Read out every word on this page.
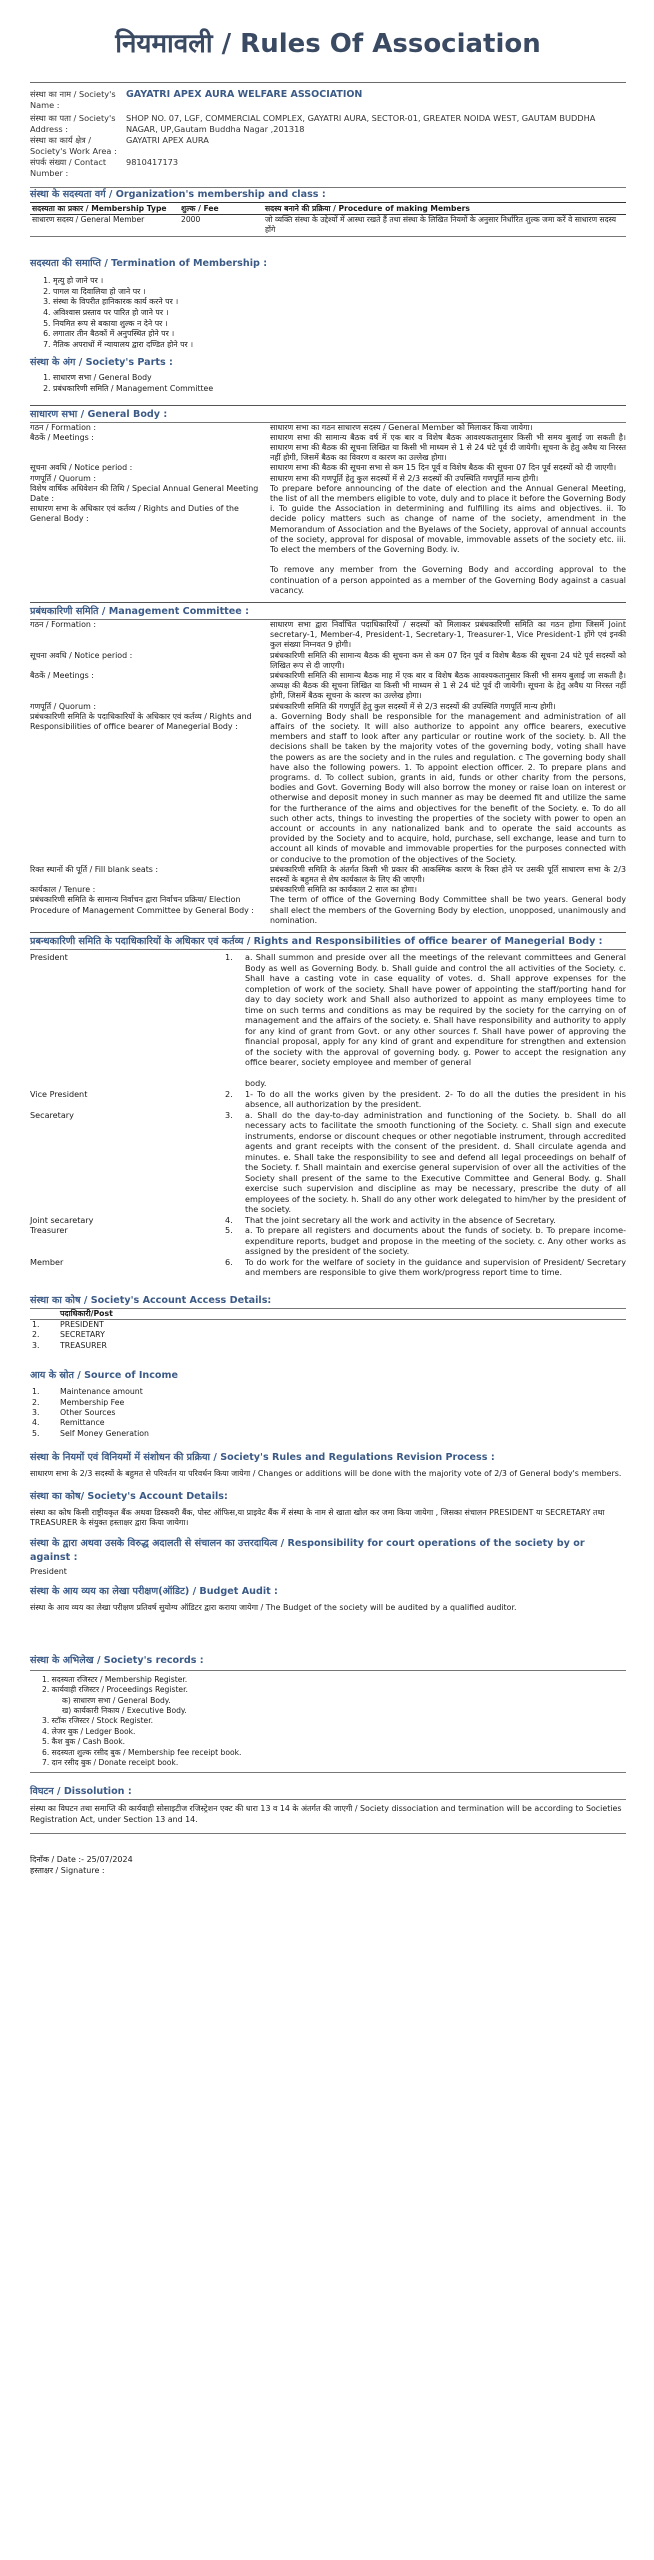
नियमावली / Rules Of Association
संस्था का नाम / Society's Name :
GAYATRI APEX AURA WELFARE ASSOCIATION
संस्था का पता / Society's Address :
SHOP NO. 07, LGF, COMMERCIAL COMPLEX, GAYATRI AURA, SECTOR-01, GREATER NOIDA WEST, GAUTAM BUDDHA NAGAR, UP,Gautam Buddha Nagar ,201318
संस्था का कार्य क्षेत्र / Society's Work Area :
GAYATRI APEX AURA
संपर्क संख्या / Contact Number :
9810417173
संस्था के सदस्यता वर्ग / Organization's membership and class :
सदस्यता का प्रकार / Membership Type	शुल्क / Fee	सदस्य बनाने की प्रक्रिया / Procedure of making Members
साधारण सदस्य / General Member	2000	जो व्यक्ति संस्था के उद्देश्यों में आस्था रखते हैं तथा संस्था के लिखित नियमों के अनुसार निर्धारित शुल्क जमा करें वे साधारण सदस्य होंगे
सदस्यता की समाप्ति / Termination of Membership :
1. मृत्यु हो जाने पर ।
2. पागल या दिवालिया हो जाने पर ।
3. संस्था के विपरीत हानिकारक कार्य करने पर ।
4. अविश्वास प्रस्ताव पर पारित हो जाने पर ।
5. नियमित रूप से बकाया शुल्क न देने पर ।
6. लगातार तीन बैठकों में अनुपस्थित होने पर ।
7. नैतिक अपराधों में न्यायालय द्वारा दण्डित होने पर ।
संस्था के अंग / Society's Parts :
1. साधारण सभा / General Body
2. प्रबंधकारिणी समिति / Management Committee
साधारण सभा / General Body :
गठन / Formation :	साधारण सभा का गठन साधारण सदस्य / General Member को मिलाकर किया जायेगा।
बैठकें / Meetings :	साधारण सभा की सामान्य बैठक वर्ष में एक बार व विशेष बैठक आवश्यकतानुसार किसी भी समय बुलाई जा सकती है। साधारण सभा की बैठक की सूचना लिखित या किसी भी माध्यम से 1 से 24 घंटे पूर्व दी जायेगी। सूचना के हेतु अवैध या निरस्त नहीं होगी, जिसमें बैठक का विवरण व कारण का उल्लेख होगा।
सूचना अवधि / Notice period :	साधारण सभा की बैठक की सूचना सभा से कम 15 दिन पूर्व व विशेष बैठक की सूचना 07 दिन पूर्व सदस्यों को दी जाएगी।
गणपूर्ति / Quorum :	साधारण सभा की गणपूर्ति हेतु कुल सदस्यों में से 2/3 सदस्यों की उपस्थिति गणपूर्ति मान्य होगी।
विशेष वार्षिक अधिवेशन की तिथि / Special Annual General Meeting Date :
To prepare before announcing of the date of election and the Annual General Meeting, the list of all the members eligible to vote, duly and to place it before the Governing Body
साधारण सभा के अधिकार एवं कर्तव्य / Rights and Duties of the General Body :
i. To guide the Association in determining and fulfilling its aims and objectives. ii. To decide policy matters such as change of name of the society, amendment in the Memorandum of Association and the Byelaws of the Society, approval of annual accounts of the society, approval for disposal of movable, immovable assets of the society etc. iii. To elect the members of the Governing Body. iv.

To remove any member from the Governing Body and according approval to the continuation of a person appointed as a member of the Governing Body against a casual vacancy.
प्रबंधकारिणी समिति / Management Committee :
गठन / Formation :	साधारण सभा द्वारा निर्वाचित पदाधिकारियों / सदस्यों को मिलाकर प्रबंधकारिणी समिति का गठन होगा जिसमें Joint secretary-1, Member-4, President-1, Secretary-1, Treasurer-1, Vice President-1 होंगे एवं इनकी कुल संख्या निम्नवत 9 होगी।
सूचना अवधि / Notice period :	प्रबंधकारिणी समिति की सामान्य बैठक की सूचना कम से कम 07 दिन पूर्व व विशेष बैठक की सूचना 24 घंटे पूर्व सदस्यों को लिखित रूप से दी जाएगी।
बैठकें / Meetings :	प्रबंधकारिणी समिति की सामान्य बैठक माह में एक बार व विशेष बैठक आवश्यकतानुसार किसी भी समय बुलाई जा सकती है। अध्यक्ष की बैठक की सूचना लिखित या किसी भी माध्यम से 1 से 24 घंटे पूर्व दी जायेगी। सूचना के हेतु अवैध या निरस्त नहीं होगी, जिसमें बैठक सूचना के कारण का उल्लेख होगा।
गणपूर्ति / Quorum :	प्रबंधकारिणी समिति की गणपूर्ति हेतु कुल सदस्यों में से 2/3 सदस्यों की उपस्थिति गणपूर्ति मान्य होगी।
प्रबंधकारिणी समिति के पदाधिकारियों के अधिकार एवं कर्तव्य / Rights and Responsibilities of office bearer of Manegerial Body :
a. Governing Body shall be responsible for the management and administration of all affairs of the society. It will also authorize to appoint any office bearers, executive members and staff to look after any particular or routine work of the society. b. All the decisions shall be taken by the majority votes of the governing body, voting shall have the powers as are the society and in the rules and regulation. c The governing body shall have also the following powers. 1. To appoint election officer. 2. To prepare plans and programs. d. To collect subion, grants in aid, funds or other charity from the persons, bodies and Govt. Governing Body will also borrow the money or raise loan on interest or otherwise and deposit money in such manner as may be deemed fit and utilize the same for the furtherance of the aims and objectives for the benefit of the Society. e. To do all such other acts, things to investing the properties of the society with power to open an account or accounts in any nationalized bank and to operate the said accounts as provided by the Society and to acquire, hold, purchase, sell exchange, lease and turn to account all kinds of movable and immovable properties for the purposes connected with or conducive to the promotion of the objectives of the Society.
रिक्त स्थानों की पूर्ति / Fill blank seats :	प्रबंधकारिणी समिति के अंतर्गत किसी भी प्रकार की आकस्मिक कारण के रिक्त होने पर उसकी पूर्ति साधारण सभा के 2/3 सदस्यों के बहुमत से शेष कार्यकाल के लिए की जाएगी।
कार्यकाल / Tenure :	प्रबंधकारिणी समिति का कार्यकाल 2 साल का होगा।
प्रबंधकारिणी समिति के सामान्य निर्वाचन द्वारा निर्वाचन प्रक्रिया/ Election Procedure of Management Committee by General Body :
The term of office of the Governing Body Committee shall be two years. General body shall elect the members of the Governing Body by election, unopposed, unanimously and nomination.
प्रबन्धकारिणी समिति के पदाधिकारियों के अधिकार एवं कर्तव्य / Rights and Responsibilities of office bearer of Manegerial Body :
President	1.	a. Shall summon and preside over all the meetings of the relevant committees and General Body as well as Governing Body. b. Shall guide and control the all activities of the Society. c. Shall have a casting vote in case equality of votes. d. Shall approve expenses for the completion of work of the society. Shall have power of appointing the staff/porting hand for day to day society work and Shall also authorized to appoint as many employees time to time on such terms and conditions as may be required by the society for the carrying on of management and the affairs of the society. e. Shall have responsibility and authority to apply for any kind of grant from Govt. or any other sources f. Shall have power of approving the financial proposal, apply for any kind of grant and expenditure for strengthen and extension of the society with the approval of governing body. g. Power to accept the resignation any office bearer, society employee and member of general

body.
Vice President	2.	1- To do all the works given by the president. 2- To do all the duties the president in his absence, all authorization by the president.
Secaretary	3.	a. Shall do the day-to-day administration and functioning of the Society. b. Shall do all necessary acts to facilitate the smooth functioning of the Society. c. Shall sign and execute instruments, endorse or discount cheques or other negotiable instrument, through accredited agents and grant receipts with the consent of the president. d. Shall circulate agenda and minutes. e. Shall take the responsibility to see and defend all legal proceedings on behalf of the Society. f. Shall maintain and exercise general supervision of over all the activities of the Society shall present of the same to the Executive Committee and General Body. g. Shall exercise such supervision and discipline as may be necessary, prescribe the duty of all employees of the society. h. Shall do any other work delegated to him/her by the president of the society.
Joint secaretary	4.	That the joint secretary all the work and activity in the absence of Secretary.
Treasurer	5.	a. To prepare all registers and documents about the funds of society. b. To prepare income-expenditure reports, budget and propose in the meeting of the society. c. Any other works as assigned by the president of the society.
Member	6.	To do work for the welfare of society in the guidance and supervision of President/ Secretary and members are responsible to give them work/progress report time to time.
संस्था का कोष / Society's Account Access Details:
	पदाधिकारी/Post
1.	PRESIDENT
2.	SECRETARY
3.	TREASURER
आय के स्रोत / Source of Income
1.	Maintenance amount
2.	Membership Fee
3.	Other Sources
4.	Remittance
5.	Self Money Generation
संस्था के नियमों एवं विनियमों में संशोधन की प्रक्रिया / Society's Rules and Regulations Revision Process :
साधारण सभा के 2/3 सदस्यों के बहुमत से परिवर्तन या परिवर्धन किया जायेगा / Changes or additions will be done with the majority vote of 2/3 of General body's members.
संस्था का कोष/ Society's Account Details:
संस्था का कोष किसी राष्ट्रीयकृत बैंक अथवा डिस्कवरी बैंक, पोस्ट ऑफिस,या प्राइवेट बैंक में संस्था के नाम से खाता खोल कर जमा किया जायेगा , जिसका संचालन PRESIDENT या SECRETARY तथा TREASURER के संयुक्त हस्ताक्षर द्वारा किया जायेगा।
संस्था के द्वारा अथवा उसके विरुद्ध अदालती से संचालन का उत्तरदायित्व / Responsibility for court operations of the society by or against :
President
संस्था के आय व्यय का लेखा परीक्षण(ऑडिट) / Budget Audit :
संस्था के आय व्यय का लेखा परीक्षण प्रतिवर्ष सुयोग्य ऑडिटर द्वारा कराया जायेगा / The Budget of the society will be audited by a qualified auditor.
संस्था के अभिलेख / Society's records :
1. सदस्यता रजिस्टर / Membership Register.
2. कार्यवाही रजिस्टर / Proceedings Register.
क) साधारण सभा / General Body.
ख) कार्यकारी निकाय / Executive Body.
3. स्टॉक रजिस्टर / Stock Register.
4. लेजर बुक / Ledger Book.
5. कैश बुक / Cash Book.
6. सदस्यता शुल्क रसीद बुक / Membership fee receipt book.
7. दान रसीद बुक / Donate receipt book.
विघटन / Dissolution :
संस्था का विघटन तथा समाप्ति की कार्यवाही सोसाइटीज रजिस्ट्रेशन एक्ट की धारा 13 व 14 के अंतर्गत की जाएगी / Society dissociation and termination will be according to Societies Registration Act, under Section 13 and 14.
दिनाँक / Date :- 25/07/2024
हस्ताक्षर / Signature :
